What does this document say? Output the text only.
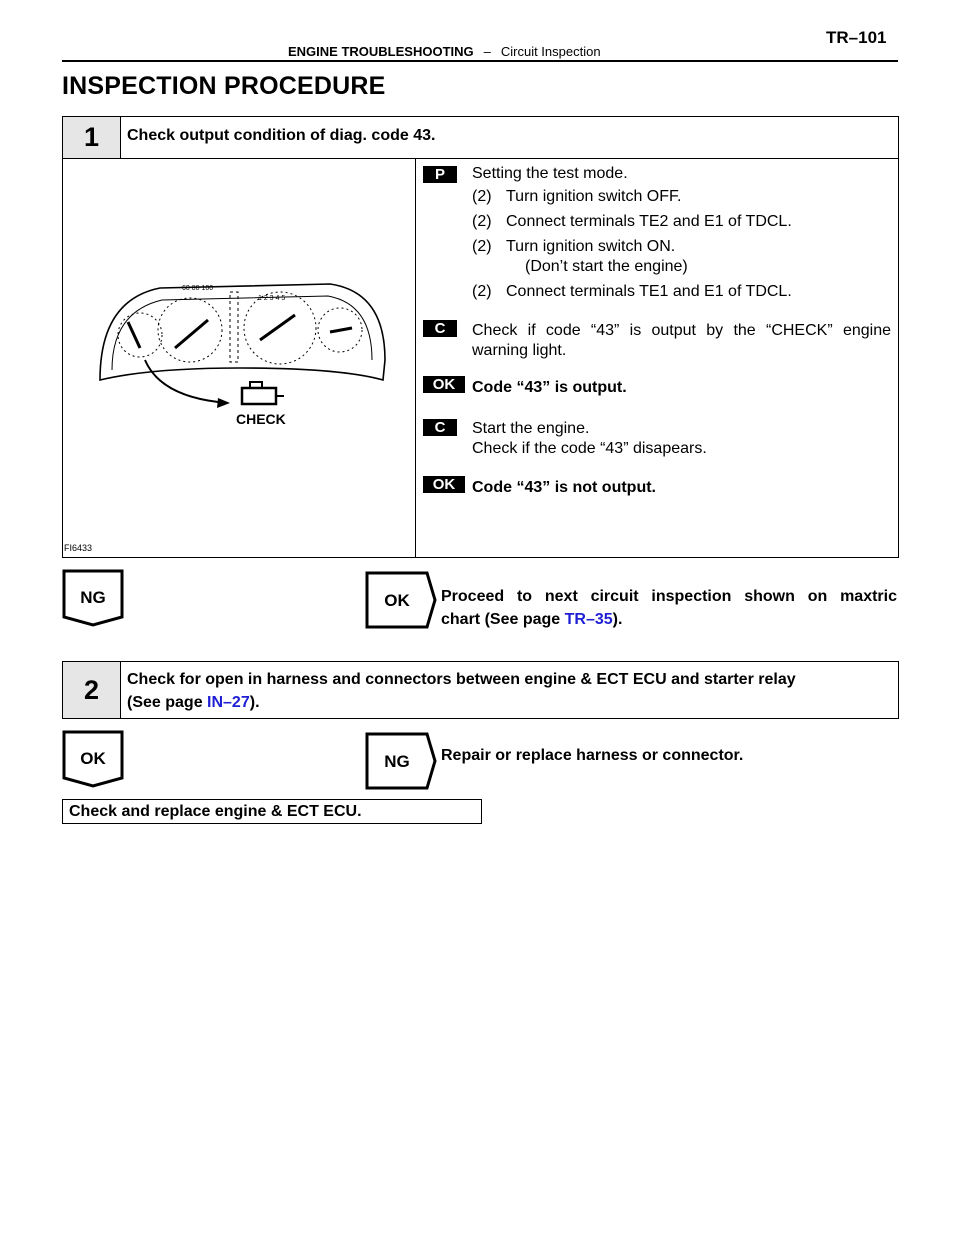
ENGINE TROUBLESHOOTING – Circuit Inspection
TR–101
INSPECTION PROCEDURE
1	Check output condition of diag. code 43.
60 80 100
1 2 3 4 5
CHECK
FI6433
P	Setting the test mode.
(2) Turn ignition switch OFF.
(2) Connect terminals TE2 and E1 of TDCL.
(2) Turn ignition switch ON.
(Don’t start the engine)
(2) Connect terminals TE1 and E1 of TDCL.
C	Check if code “43” is output by the “CHECK” engine
warning light.
OK	Code “43” is output.
C	Start the engine.
Check if the code “43” disapears.
OK	Code “43” is not output.
NG	OK	Proceed to next circuit inspection shown on maxtric
chart (See page TR–35).
2	Check for open in harness and connectors between engine & ECT ECU and starter relay
(See page IN–27).
OK	NG	Repair or replace harness or connector.
Check and replace engine & ECT ECU.
